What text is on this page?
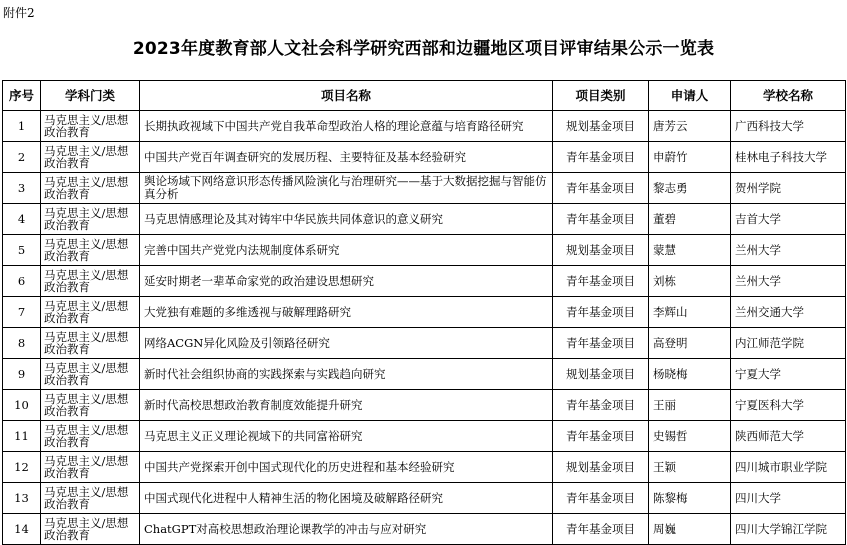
附件2
2023年度教育部人文社会科学研究西部和边疆地区项目评审结果公示一览表
序号	学科门类	项目名称	项目类别	申请人	学校名称
1	马克思主义/思想政治教育	长期执政视域下中国共产党自我革命型政治人格的理论意蕴与培育路径研究	规划基金项目	唐芳云	广西科技大学
2	马克思主义/思想政治教育	中国共产党百年调查研究的发展历程、主要特征及基本经验研究	青年基金项目	申蔚竹	桂林电子科技大学
3	马克思主义/思想政治教育	舆论场域下网络意识形态传播风险演化与治理研究——基于大数据挖掘与智能仿真分析	青年基金项目	黎志勇	贺州学院
4	马克思主义/思想政治教育	马克思情感理论及其对铸牢中华民族共同体意识的意义研究	青年基金项目	董碧	吉首大学
5	马克思主义/思想政治教育	完善中国共产党党内法规制度体系研究	规划基金项目	蒙慧	兰州大学
6	马克思主义/思想政治教育	延安时期老一辈革命家党的政治建设思想研究	青年基金项目	刘栋	兰州大学
7	马克思主义/思想政治教育	大党独有难题的多维透视与破解理路研究	青年基金项目	李辉山	兰州交通大学
8	马克思主义/思想政治教育	网络ACGN异化风险及引领路径研究	青年基金项目	高登明	内江师范学院
9	马克思主义/思想政治教育	新时代社会组织协商的实践探索与实践趋向研究	规划基金项目	杨晓梅	宁夏大学
10	马克思主义/思想政治教育	新时代高校思想政治教育制度效能提升研究	青年基金项目	王丽	宁夏医科大学
11	马克思主义/思想政治教育	马克思主义正义理论视域下的共同富裕研究	青年基金项目	史锡哲	陕西师范大学
12	马克思主义/思想政治教育	中国共产党探索开创中国式现代化的历史进程和基本经验研究	规划基金项目	王颖	四川城市职业学院
13	马克思主义/思想政治教育	中国式现代化进程中人精神生活的物化困境及破解路径研究	青年基金项目	陈黎梅	四川大学
14	马克思主义/思想政治教育	ChatGPT对高校思想政治理论课教学的冲击与应对研究	青年基金项目	周巍	四川大学锦江学院
